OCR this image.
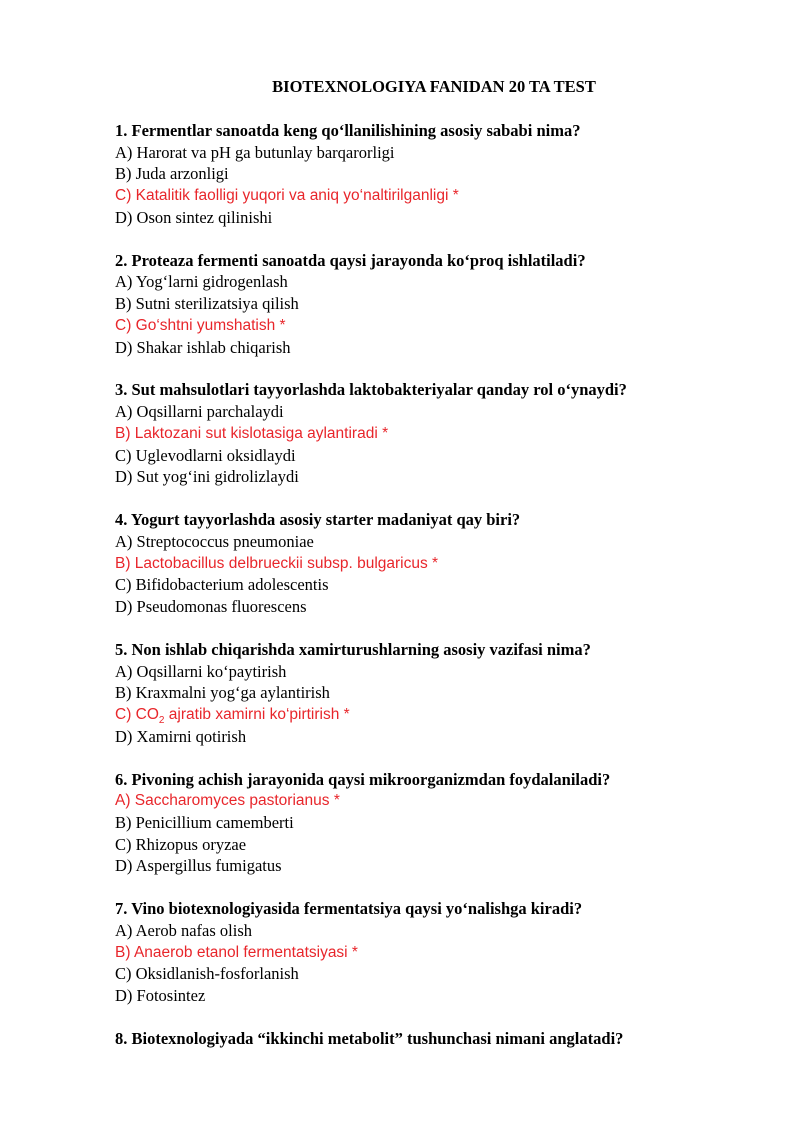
BIOTEXNOLOGIYA FANIDAN 20 TA TEST
1. Fermentlar sanoatda keng qo‘llanilishining asosiy sababi nima?
A) Harorat va pH ga butunlay barqarorligi
B) Juda arzonligi
C) Katalitik faolligi yuqori va aniq yo‘naltirilganligi *
D) Oson sintez qilinishi
2. Proteaza fermenti sanoatda qaysi jarayonda ko‘proq ishlatiladi?
A) Yog‘larni gidrogenlash
B) Sutni sterilizatsiya qilish
C) Go‘shtni yumshatish *
D) Shakar ishlab chiqarish
3. Sut mahsulotlari tayyorlashda laktobakteriyalar qanday rol o‘ynaydi?
A) Oqsillarni parchalaydi
B) Laktozani sut kislotasiga aylantiradi *
C) Uglevodlarni oksidlaydi
D) Sut yog‘ini gidrolizlaydi
4. Yogurt tayyorlashda asosiy starter madaniyat qay biri?
A) Streptococcus pneumoniae
B) Lactobacillus delbrueckii subsp. bulgaricus *
C) Bifidobacterium adolescentis
D) Pseudomonas fluorescens
5. Non ishlab chiqarishda xamirturushlarning asosiy vazifasi nima?
A) Oqsillarni ko‘paytirish
B) Kraxmalni yog‘ga aylantirish
C) $CO_2$ ajratib xamirni ko‘pirtirish *
D) Xamirni qotirish
6. Pivoning achish jarayonida qaysi mikroorganizmdan foydalaniladi?
A) Saccharomyces pastorianus *
B) Penicillium camemberti
C) Rhizopus oryzae
D) Aspergillus fumigatus
7. Vino biotexnologiyasida fermentatsiya qaysi yo‘nalishga kiradi?
A) Aerob nafas olish
B) Anaerob etanol fermentatsiyasi *
C) Oksidlanish-fosforlanish
D) Fotosintez
8. Biotexnologiyada “ikkinchi metabolit” tushunchasi nimani anglatadi?
